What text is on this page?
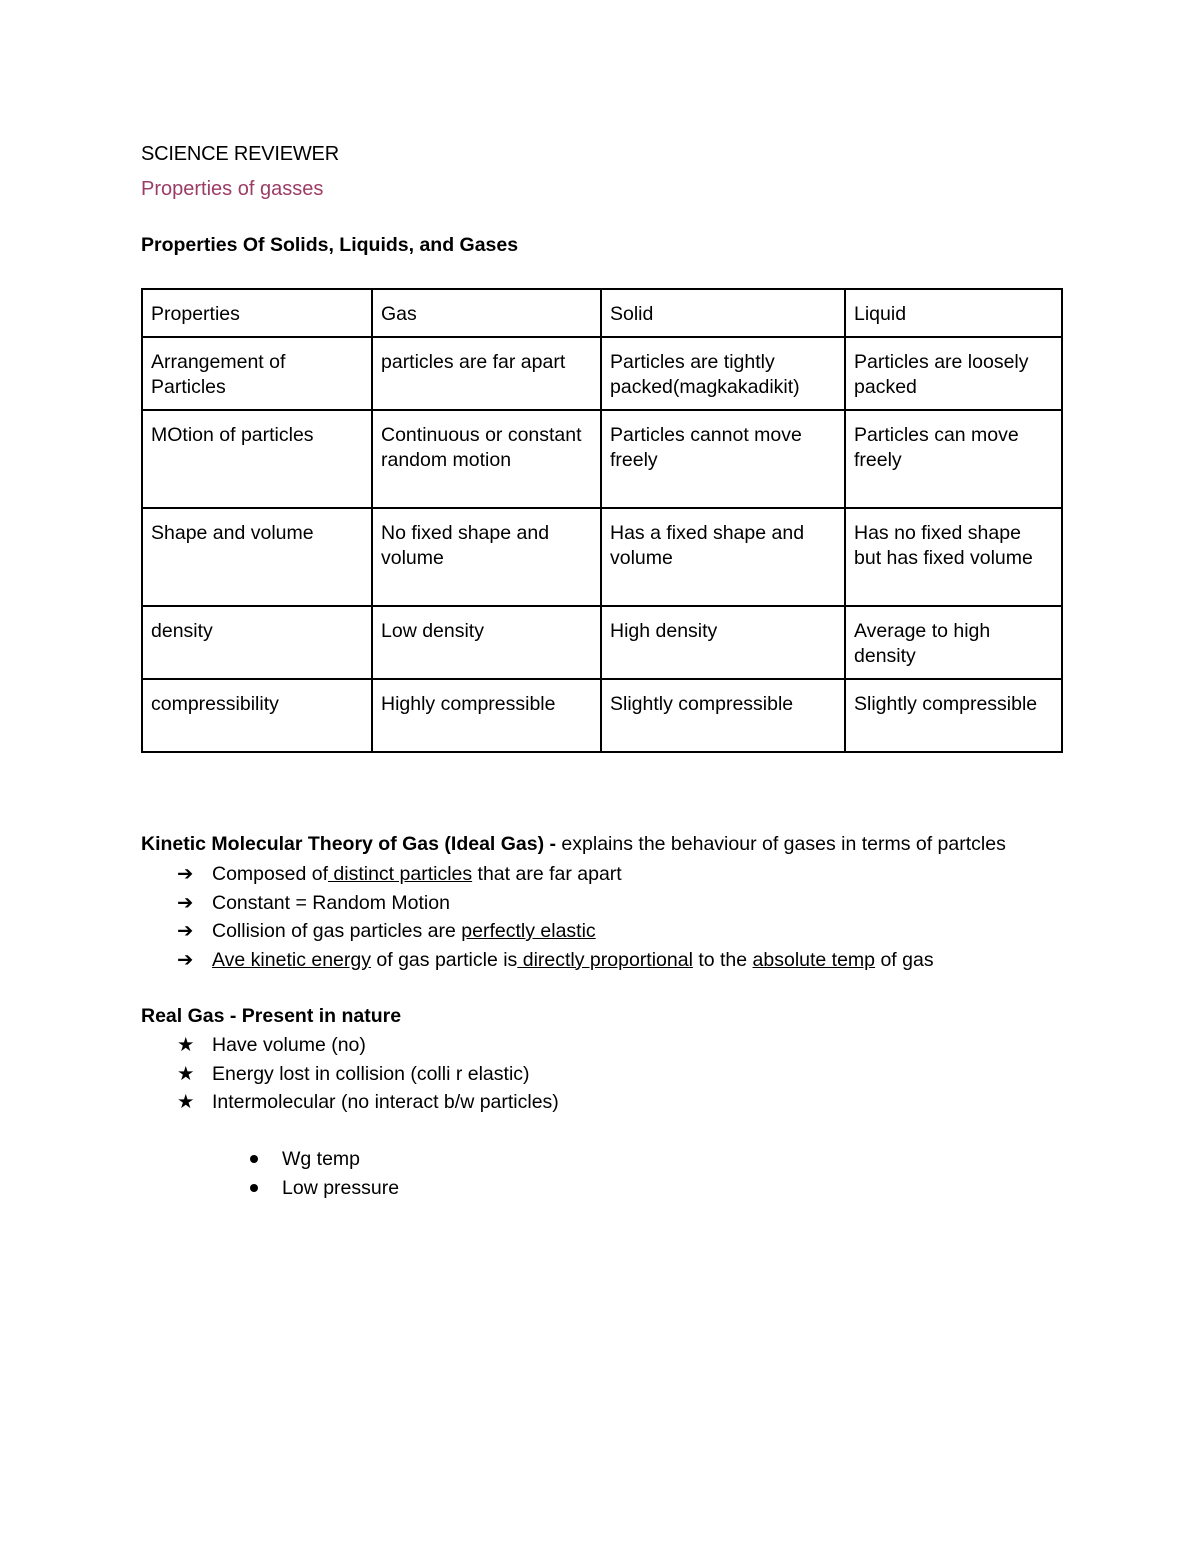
SCIENCE REVIEWER
Properties of gasses
Properties Of Solids, Liquids, and Gases
Properties	Gas	Solid	Liquid
Arrangement of Particles	particles are far apart	Particles are tightly packed(magkakadikit)	Particles are loosely packed
MOtion of particles	Continuous or constant random motion	Particles cannot move freely	Particles can move freely
Shape and volume	No fixed shape and volume	Has a fixed shape and volume	Has no fixed shape but has fixed volume
density	Low density	High density	Average to high density
compressibility	Highly compressible	Slightly compressible	Slightly compressible
Kinetic Molecular Theory of Gas (Ideal Gas) - explains the behaviour of gases in terms of partcles
➔ Composed of distinct particles that are far apart
➔ Constant = Random Motion
➔ Collision of gas particles are perfectly elastic
➔ Ave kinetic energy of gas particle is directly proportional to the absolute temp of gas
Real Gas - Present in nature
★ Have volume (no)
★ Energy lost in collision (colli r elastic)
★ Intermolecular (no interact b/w particles)
Wg temp
Low pressure
